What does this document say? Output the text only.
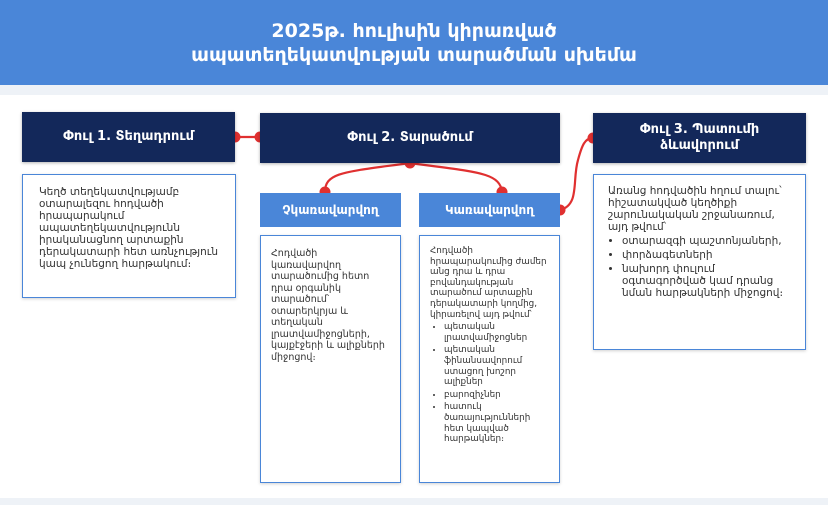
2025թ. հուլիսին կիրառված
ապատեղեկատվության տարածման սխեմա
Փուլ 1. Տեղադրում	Փուլ 2. Տարածում
Փուլ 3. Պատումի ձևավորում
Չկառավարվող	Կառավարվող
Կեղծ տեղեկատվությամբ օտարալեզու հոդվածի հրապարակում ապատեղեկատվությունն իրականացնող արտաքին դերակատարի հետ առնչություն կապ չունեցող հարթակում։
Հոդվածի կառավարվող տարածումից հետո դրա օրգանիկ տարածում՝ օտարերկրյա և տեղական լրատվամիջոցների, կայքէջերի և ալիքների միջոցով։
Հոդվածի հրապարակումից ժամեր անց դրա և դրա բովանդակության տարածում արտաքին դերակատարի կողմից, կիրառելով այդ թվում՝
• պետական լրատվամիջոցներ
• պետական ֆինանսավորում ստացող խոշոր ալիքներ
• բարոզիչներ
• հատուկ ծառայությունների հետ կապված հարթակներ։
Առանց հոդվածին հղում տալու՝ հիշատակված կեղծիքի շարունակական շրջանառում, այդ թվում՝
• օտարազգի պաշտոնյաների,
• փորձագետների
• նախորդ փուլում օգտագործված կամ դրանց նման հարթակների միջոցով։
